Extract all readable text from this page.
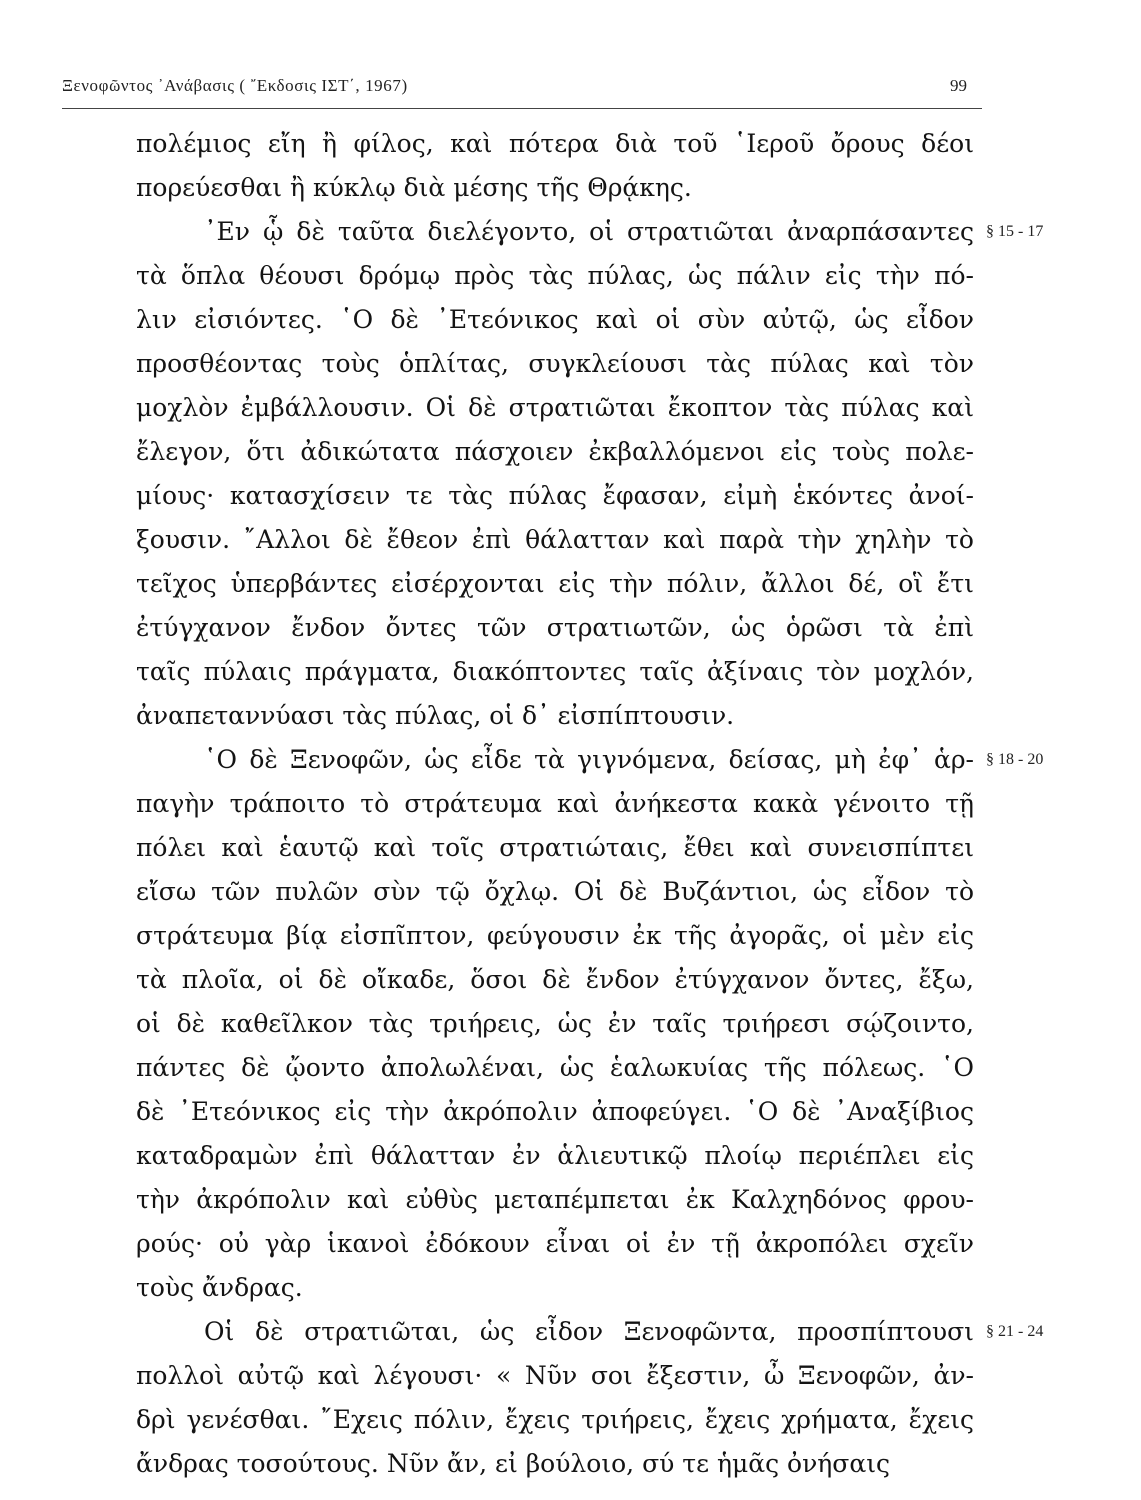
Ξενοφῶντος ᾿Ανάβασις ( ῎Εκδοσις ΙΣΤ΄, 1967)	99
πολέμιος εἴη ἢ φίλος, καὶ πότερα διὰ τοῦ ῾Ιεροῦ ὄρους δέοι
πορεύεσθαι ἢ κύκλῳ διὰ μέσης τῆς Θρᾴκης.
᾿Εν ᾧ δὲ ταῦτα διελέγοντο, οἱ στρατιῶται ἀναρπάσαντες
τὰ ὅπλα θέουσι δρόμῳ πρὸς τὰς πύλας, ὡς πάλιν εἰς τὴν πό-
λιν εἰσιόντες. ῾Ο δὲ ᾿Ετεόνικος καὶ οἱ σὺν αὐτῷ, ὡς εἶδον
προσθέοντας τοὺς ὁπλίτας, συγκλείουσι τὰς πύλας καὶ τὸν
μοχλὸν ἐμβάλλουσιν. Οἱ δὲ στρατιῶται ἔκοπτον τὰς πύλας καὶ
ἔλεγον, ὅτι ἀδικώτατα πάσχοιεν ἐκβαλλόμενοι εἰς τοὺς πολε-
μίους· κατασχίσειν τε τὰς πύλας ἔφασαν, εἰμὴ ἑκόντες ἀνοί-
ξουσιν. ῎Αλλοι δὲ ἔθεον ἐπὶ θάλατταν καὶ παρὰ τὴν χηλὴν τὸ
τεῖχος ὑπερβάντες εἰσέρχονται εἰς τὴν πόλιν, ἄλλοι δέ, οἳ ἔτι
ἐτύγχανον ἔνδον ὄντες τῶν στρατιωτῶν, ὡς ὁρῶσι τὰ ἐπὶ
ταῖς πύλαις πράγματα, διακόπτοντες ταῖς ἀξίναις τὸν μοχλόν,
ἀναπεταννύασι τὰς πύλας, οἱ δ᾿ εἰσπίπτουσιν.
῾Ο δὲ Ξενοφῶν, ὡς εἶδε τὰ γιγνόμενα, δείσας, μὴ ἐφ᾿ ἁρ-
παγὴν τράποιτο τὸ στράτευμα καὶ ἀνήκεστα κακὰ γένοιτο τῇ
πόλει καὶ ἑαυτῷ καὶ τοῖς στρατιώταις, ἔθει καὶ συνεισπίπτει
εἴσω τῶν πυλῶν σὺν τῷ ὄχλῳ. Οἱ δὲ Βυζάντιοι, ὡς εἶδον τὸ
στράτευμα βίᾳ εἰσπῖπτον, φεύγουσιν ἐκ τῆς ἀγορᾶς, οἱ μὲν εἰς
τὰ πλοῖα, οἱ δὲ οἴκαδε, ὅσοι δὲ ἔνδον ἐτύγχανον ὄντες, ἔξω,
οἱ δὲ καθεῖλκον τὰς τριήρεις, ὡς ἐν ταῖς τριήρεσι σῴζοιντο,
πάντες δὲ ᾤοντο ἀπολωλέναι, ὡς ἑαλωκυίας τῆς πόλεως. ῾Ο
δὲ ᾿Ετεόνικος εἰς τὴν ἀκρόπολιν ἀποφεύγει. ῾Ο δὲ ᾿Αναξίβιος
καταδραμὼν ἐπὶ θάλατταν ἐν ἁλιευτικῷ πλοίῳ περιέπλει εἰς
τὴν ἀκρόπολιν καὶ εὐθὺς μεταπέμπεται ἐκ Καλχηδόνος φρου-
ρούς· οὐ γὰρ ἱκανοὶ ἐδόκουν εἶναι οἱ ἐν τῇ ἀκροπόλει σχεῖν
τοὺς ἄνδρας.
Οἱ δὲ στρατιῶται, ὡς εἶδον Ξενοφῶντα, προσπίπτουσι
πολλοὶ αὐτῷ καὶ λέγουσι· « Νῦν σοι ἔξεστιν, ὦ Ξενοφῶν, ἀν-
δρὶ γενέσθαι. ῎Εχεις πόλιν, ἔχεις τριήρεις, ἔχεις χρήματα, ἔχεις
ἄνδρας τοσούτους. Νῦν ἄν, εἰ βούλοιο, σύ τε ἡμᾶς ὀνήσαις
§ 15 - 17
§ 18 - 20
§ 21 - 24
